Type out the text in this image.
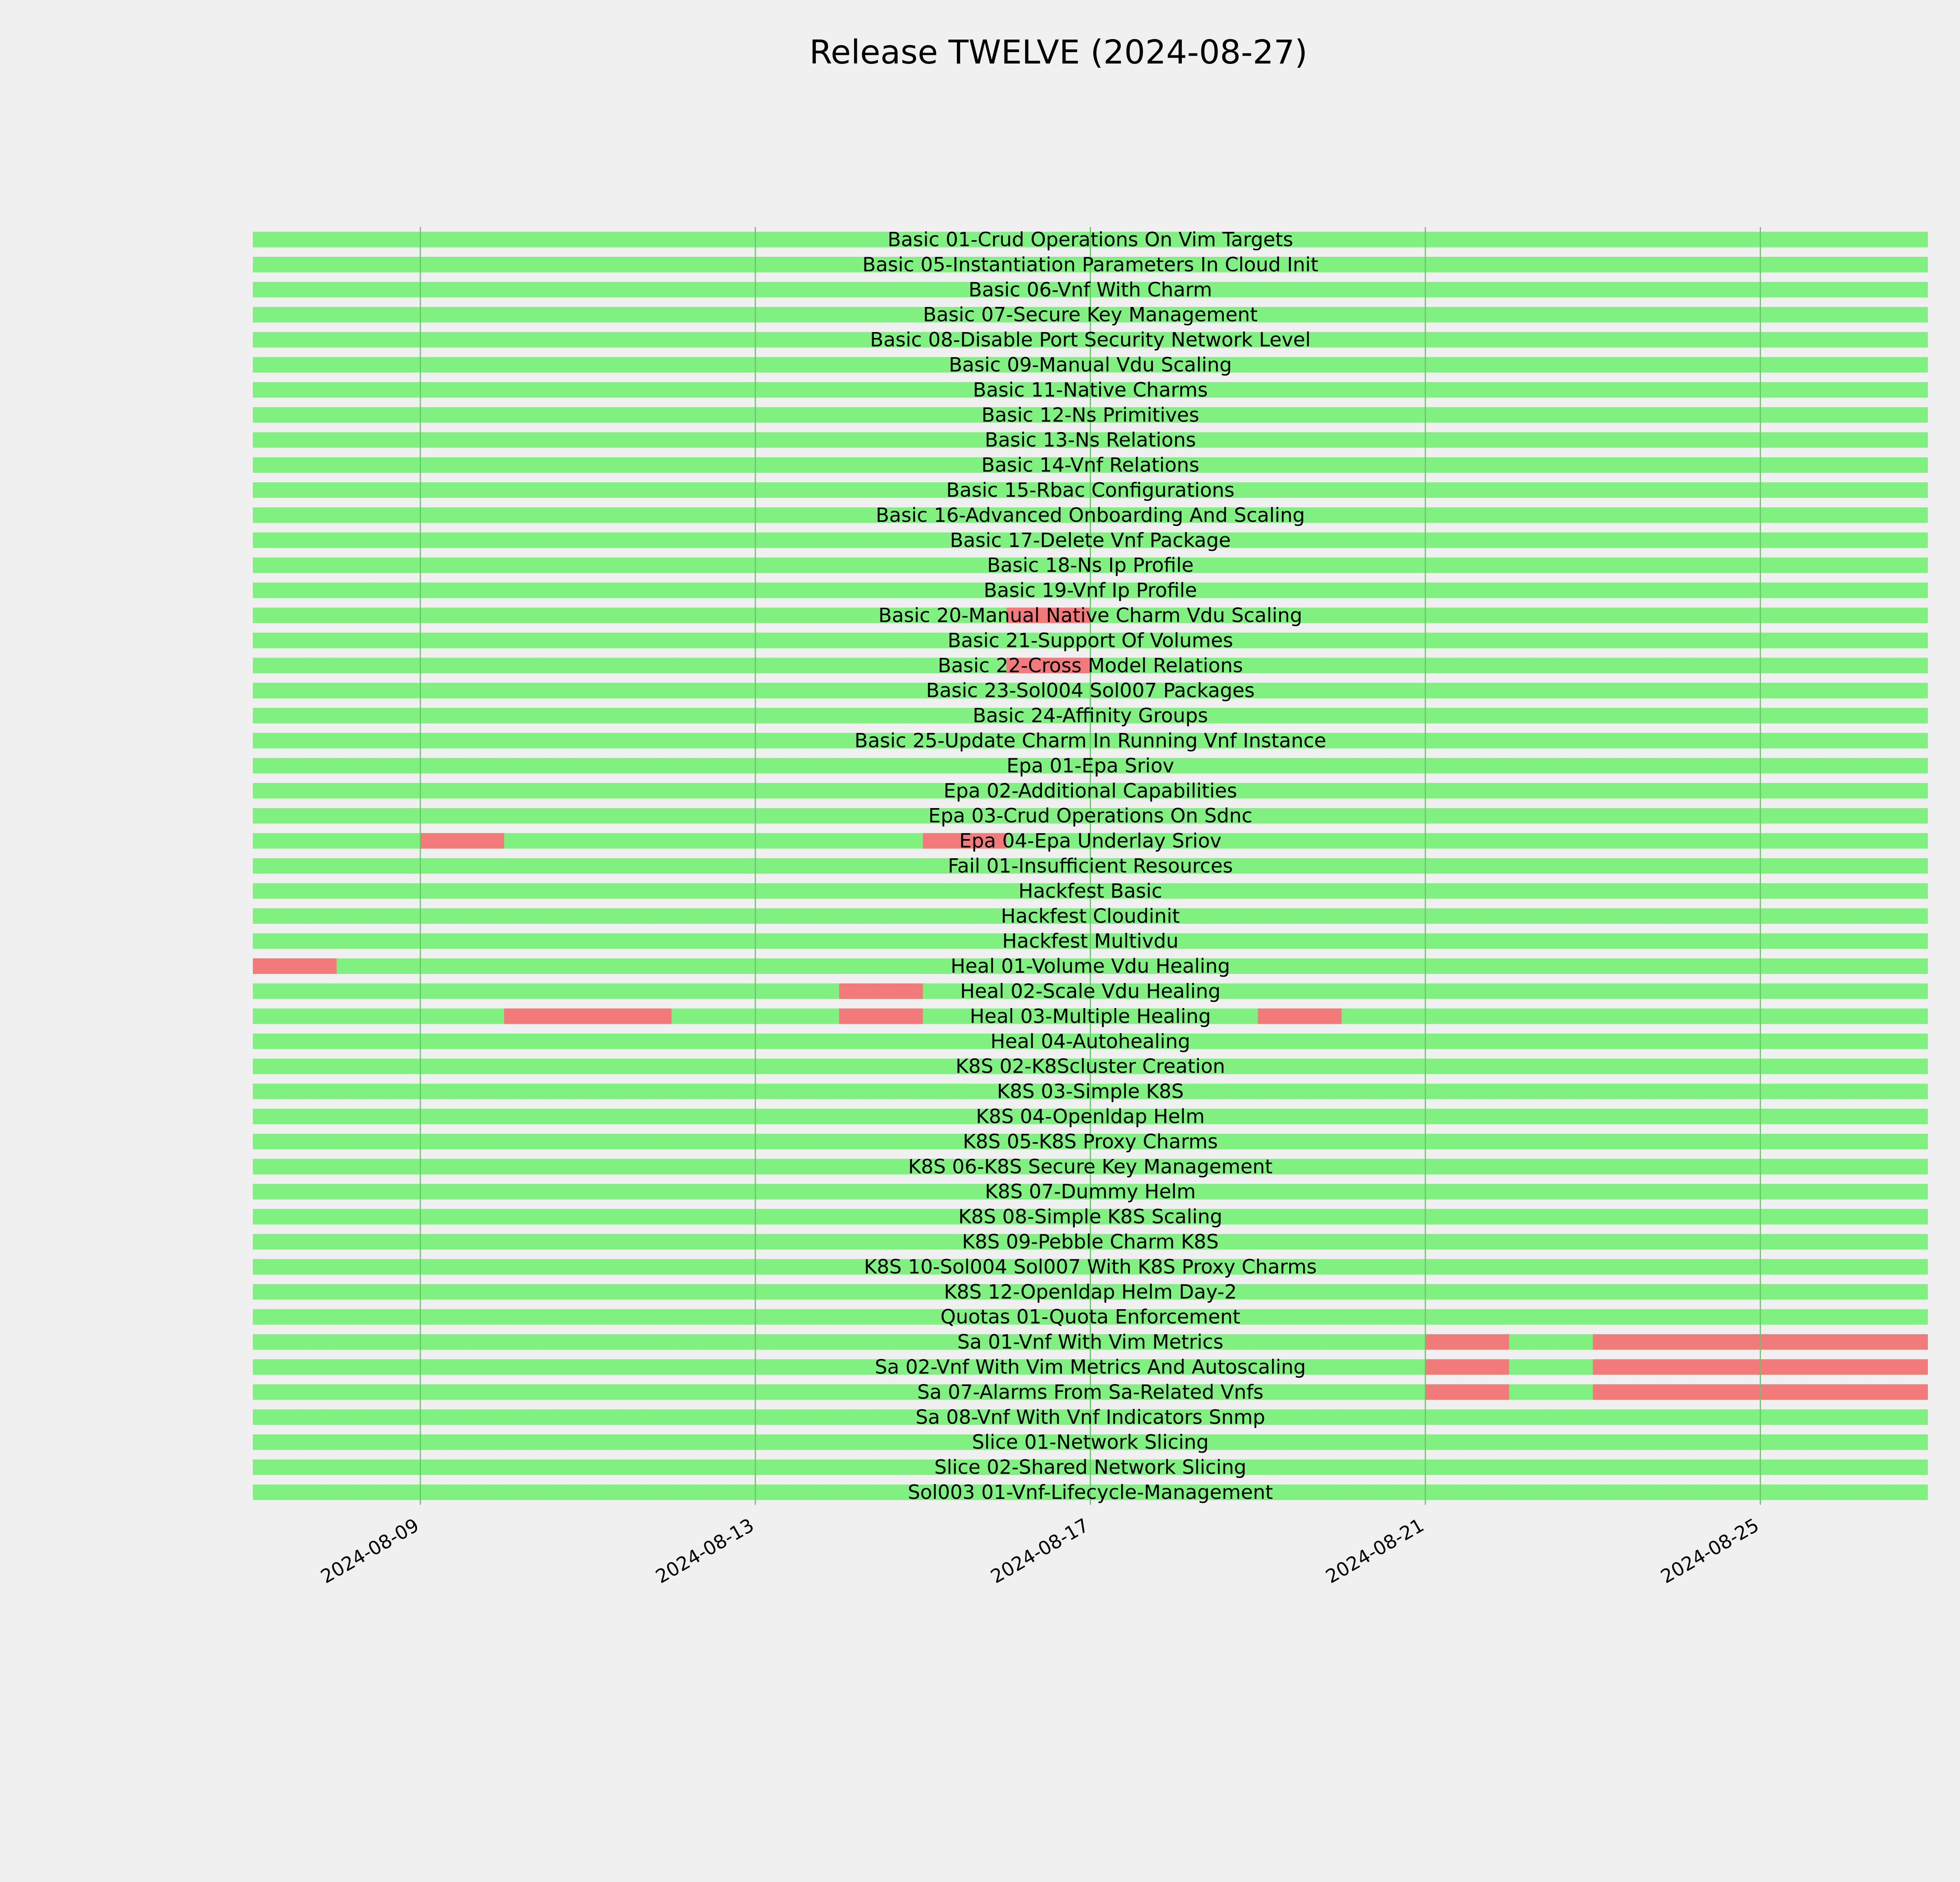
Release TWELVE (2024-08-27)
Basic 01-Crud Operations On Vim Targets
Basic 05-Instantiation Parameters In Cloud Init
Basic 06-Vnf With Charm
Basic 07-Secure Key Management
Basic 08-Disable Port Security Network Level
Basic 09-Manual Vdu Scaling
Basic 11-Native Charms
Basic 12-Ns Primitives
Basic 13-Ns Relations
Basic 14-Vnf Relations
Basic 15-Rbac Configurations
Basic 16-Advanced Onboarding And Scaling
Basic 17-Delete Vnf Package
Basic 18-Ns Ip Profile
Basic 19-Vnf Ip Profile
Basic 20-Manual Native Charm Vdu Scaling
Basic 21-Support Of Volumes
Basic 22-Cross Model Relations
Basic 23-Sol004 Sol007 Packages
Basic 24-Affinity Groups
Basic 25-Update Charm In Running Vnf Instance
Epa 01-Epa Sriov
Epa 02-Additional Capabilities
Epa 03-Crud Operations On Sdnc
Epa 04-Epa Underlay Sriov
Fail 01-Insufficient Resources
Hackfest Basic
Hackfest Cloudinit
Hackfest Multivdu
Heal 01-Volume Vdu Healing
Heal 02-Scale Vdu Healing
Heal 03-Multiple Healing
Heal 04-Autohealing
K8S 02-K8Scluster Creation
K8S 03-Simple K8S
K8S 04-Openldap Helm
K8S 05-K8S Proxy Charms
K8S 06-K8S Secure Key Management
K8S 07-Dummy Helm
K8S 08-Simple K8S Scaling
K8S 09-Pebble Charm K8S
K8S 10-Sol004 Sol007 With K8S Proxy Charms
K8S 12-Openldap Helm Day-2
Quotas 01-Quota Enforcement
Sa 01-Vnf With Vim Metrics
Sa 02-Vnf With Vim Metrics And Autoscaling
Sa 07-Alarms From Sa-Related Vnfs
Sa 08-Vnf With Vnf Indicators Snmp
Slice 01-Network Slicing
Slice 02-Shared Network Slicing
Sol003 01-Vnf-Lifecycle-Management
2024-08-09	2024-08-13	2024-08-17	2024-08-21	2024-08-25
